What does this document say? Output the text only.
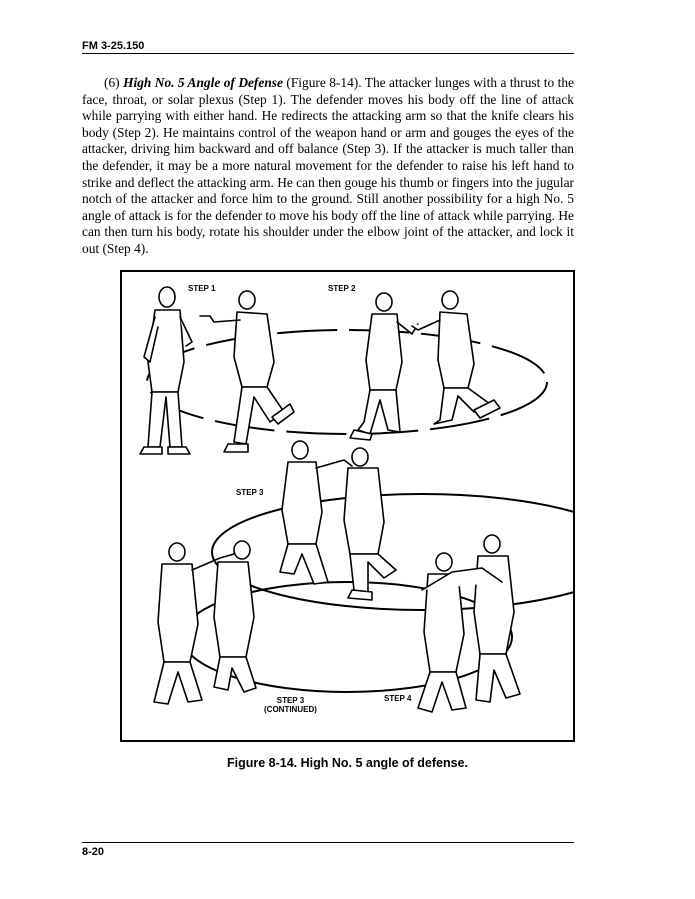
FM 3-25.150

(6) High No. 5 Angle of Defense (Figure 8-14). The attacker lunges with a thrust to the face, throat, or solar plexus (Step 1). The defender moves his body off the line of attack while parrying with either hand. He redirects the attacking arm so that the knife clears his body (Step 2). He maintains control of the weapon hand or arm and gouges the eyes of the attacker, driving him backward and off balance (Step 3). If the attacker is much taller than the defender, it may be a more natural movement for the defender to raise his left hand to strike and deflect the attacking arm. He can then gouge his thumb or fingers into the jugular notch of the attacker and force him to the ground. Still another possibility for a high No. 5 angle of attack is for the defender to move his body off the line of attack while parrying. He can then turn his body, rotate his shoulder under the elbow joint of the attacker, and lock it out (Step 4).

STEP 1	STEP 2
STEP 3
STEP 3
(CONTINUED)
STEP 4
Figure 8-14. High No. 5 angle of defense.
8-20
